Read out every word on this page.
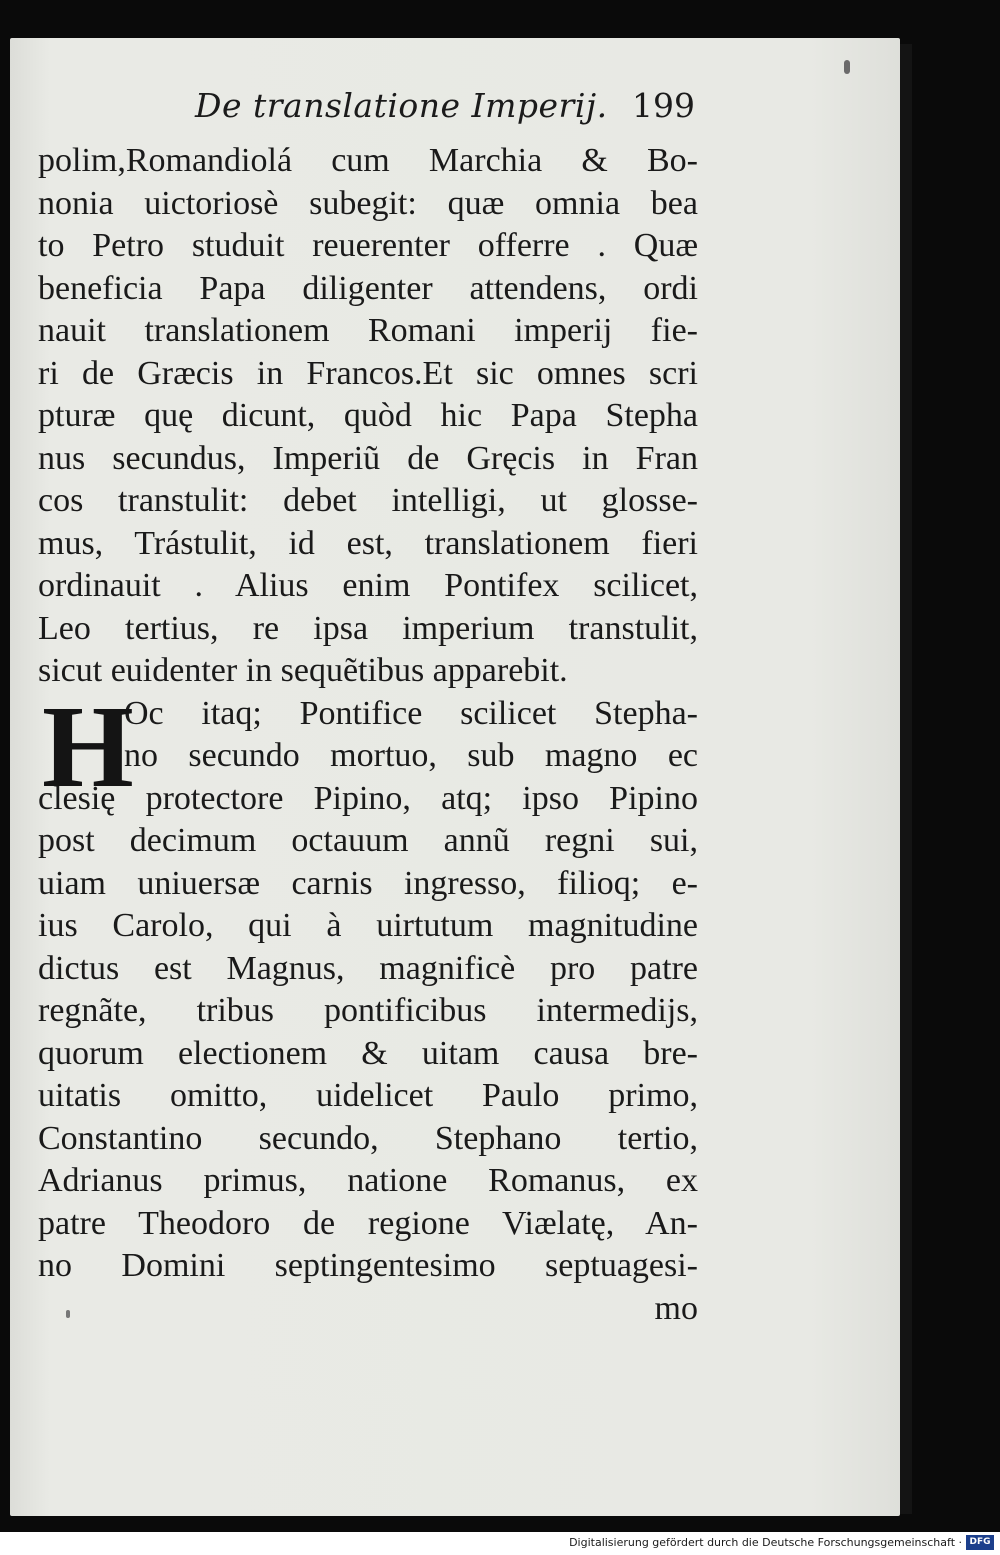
De translatione Imperij. 199
polim,Romandiolá cum Marchia & Bo-
nonia uictoriosè subegit: quæ omnia bea
to Petro studuit reuerenter offerre . Quæ
beneficia Papa diligenter attendens, ordi
nauit translationem Romani imperij fie-
ri de Græcis in Francos.Et sic omnes scri
pturæ quę dicunt, quòd hic Papa Stepha
nus secundus, Imperiũ de Gręcis in Fran
cos transtulit: debet intelligi, ut glosse-
mus, Trástulit, id est, translationem fieri
ordinauit . Alius enim Pontifex scilicet,
Leo tertius, re ipsa imperium transtulit,
sicut euidenter in sequẽtibus apparebit.
H
Oc itaq; Pontifice scilicet Stepha-
no secundo mortuo, sub magno ec
clesię protectore Pipino, atq; ipso Pipino
post decimum octauum annũ regni sui,
uiam uniuersæ carnis ingresso, filioq; e-
ius Carolo, qui à uirtutum magnitudine
dictus est Magnus, magnificè pro patre
regnãte, tribus pontificibus intermedijs,
quorum electionem & uitam causa bre-
uitatis omitto, uidelicet Paulo primo,
Constantino secundo, Stephano tertio,
Adrianus primus, natione Romanus, ex
patre Theodoro de regione Viælatę, An-
no Domini septingentesimo septuagesi-
mo
Digitalisierung gefördert durch die Deutsche Forschungsgemeinschaft · DFG
